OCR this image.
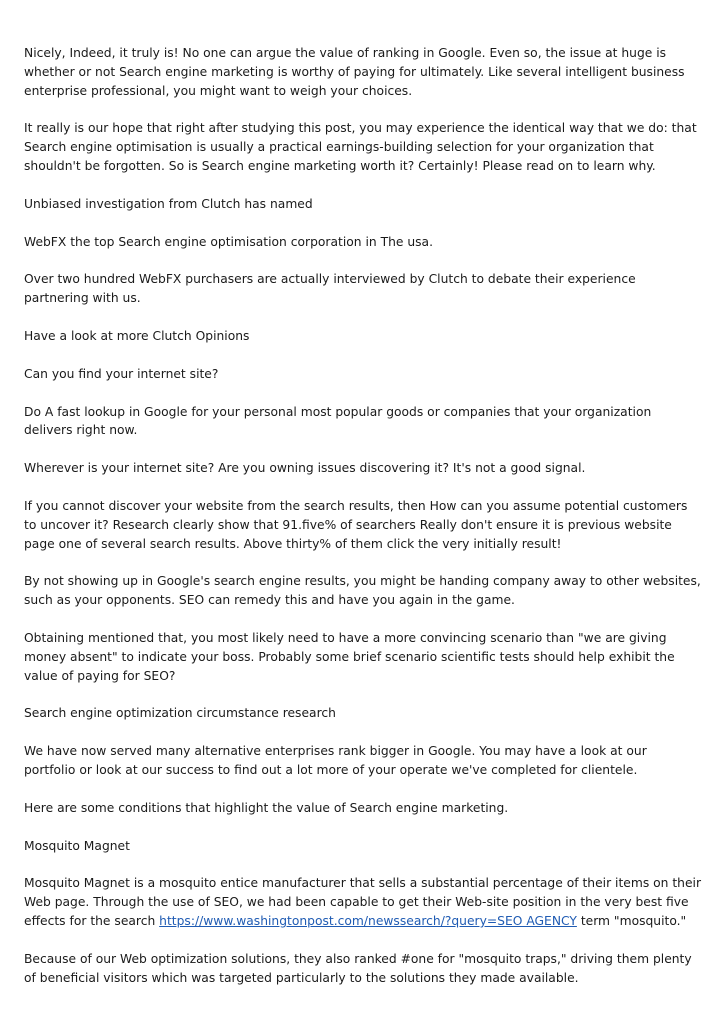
Nicely, Indeed, it truly is! No one can argue the value of ranking in Google. Even so, the issue at huge is whether or not Search engine marketing is worthy of paying for ultimately. Like several intelligent business enterprise professional, you might want to weigh your choices.

It really is our hope that right after studying this post, you may experience the identical way that we do: that Search engine optimisation is usually a practical earnings-building selection for your organization that shouldn't be forgotten. So is Search engine marketing worth it? Certainly! Please read on to learn why.

Unbiased investigation from Clutch has named

WebFX the top Search engine optimisation corporation in The usa.

Over two hundred WebFX purchasers are actually interviewed by Clutch to debate their experience partnering with us.

Have a look at more Clutch Opinions

Can you find your internet site?

Do A fast lookup in Google for your personal most popular goods or companies that your organization delivers right now.

Wherever is your internet site? Are you owning issues discovering it? It's not a good signal.

If you cannot discover your website from the search results, then How can you assume potential customers to uncover it? Research clearly show that 91.five% of searchers Really don't ensure it is previous website page one of several search results. Above thirty% of them click the very initially result!

By not showing up in Google's search engine results, you might be handing company away to other websites, such as your opponents. SEO can remedy this and have you again in the game.

Obtaining mentioned that, you most likely need to have a more convincing scenario than "we are giving money absent" to indicate your boss. Probably some brief scenario scientific tests should help exhibit the value of paying for SEO?

Search engine optimization circumstance research

We have now served many alternative enterprises rank bigger in Google. You may have a look at our portfolio or look at our success to find out a lot more of your operate we've completed for clientele.

Here are some conditions that highlight the value of Search engine marketing.

Mosquito Magnet

Mosquito Magnet is a mosquito entice manufacturer that sells a substantial percentage of their items on their Web page. Through the use of SEO, we had been capable to get their Web-site position in the very best five effects for the search https://www.washingtonpost.com/newssearch/?query=SEO AGENCY term "mosquito."

Because of our Web optimization solutions, they also ranked #one for "mosquito traps," driving them plenty of beneficial visitors which was targeted particularly to the solutions they made available.
